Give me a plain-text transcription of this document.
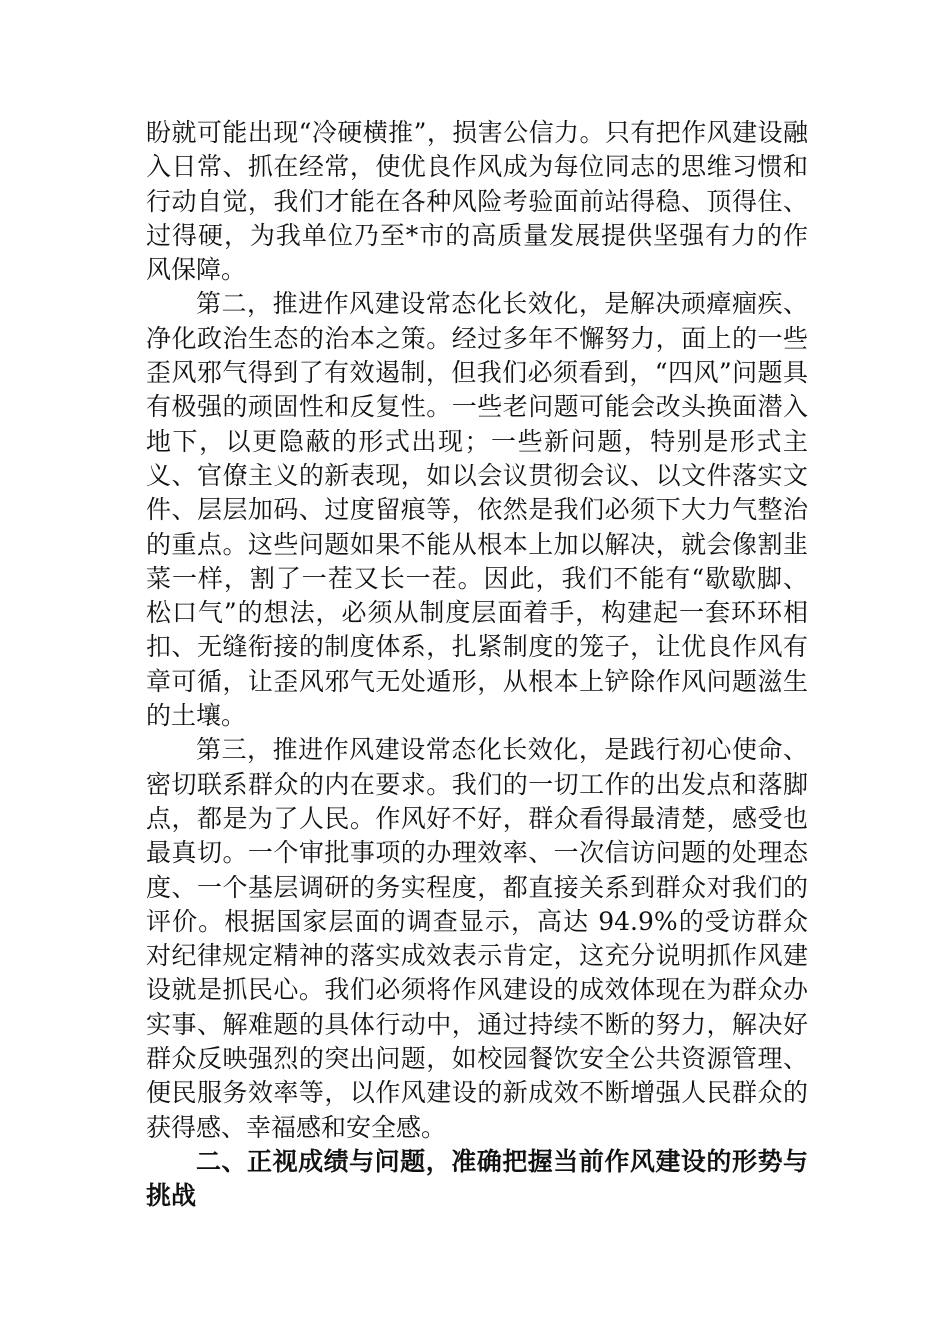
盼就可能出现“冷硬横推”，损害公信力。只有把作风建设融入日常、抓在经常，使优良作风成为每位同志的思维习惯和行动自觉，我们才能在各种风险考验面前站得稳、顶得住、过得硬，为我单位乃至*市的高质量发展提供坚强有力的作风保障。

第二，推进作风建设常态化长效化，是解决顽瘴痼疾、净化政治生态的治本之策。经过多年不懈努力，面上的一些歪风邪气得到了有效遏制，但我们必须看到，“四风”问题具有极强的顽固性和反复性。一些老问题可能会改头换面潜入地下，以更隐蔽的形式出现；一些新问题，特别是形式主义、官僚主义的新表现，如以会议贯彻会议、以文件落实文件、层层加码、过度留痕等，依然是我们必须下大力气整治的重点。这些问题如果不能从根本上加以解决，就会像割韭菜一样，割了一茬又长一茬。因此，我们不能有“歇歇脚、松口气”的想法，必须从制度层面着手，构建起一套环环相扣、无缝衔接的制度体系，扎紧制度的笼子，让优良作风有章可循，让歪风邪气无处遁形，从根本上铲除作风问题滋生的土壤。

第三，推进作风建设常态化长效化，是践行初心使命、密切联系群众的内在要求。我们的一切工作的出发点和落脚点，都是为了人民。作风好不好，群众看得最清楚，感受也最真切。一个审批事项的办理效率、一次信访问题的处理态度、一个基层调研的务实程度，都直接关系到群众对我们的评价。根据国家层面的调查显示，高达 94.9%的受访群众对纪律规定精神的落实成效表示肯定，这充分说明抓作风建设就是抓民心。我们必须将作风建设的成效体现在为群众办实事、解难题的具体行动中，通过持续不断的努力，解决好群众反映强烈的突出问题，如校园餐饮安全公共资源管理、便民服务效率等，以作风建设的新成效不断增强人民群众的获得感、幸福感和安全感。

二、正视成绩与问题，准确把握当前作风建设的形势与挑战
